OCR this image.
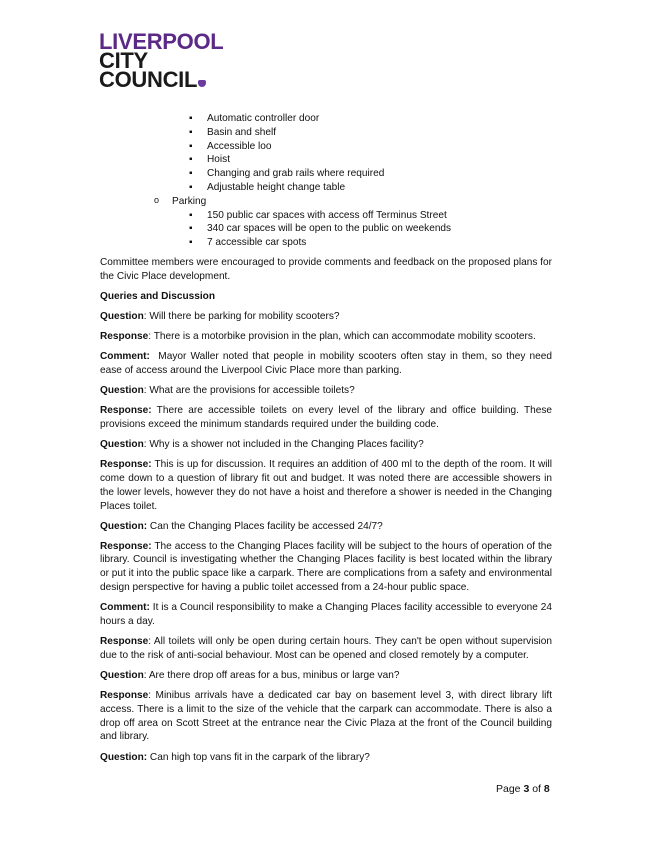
LIVERPOOL
CITY
COUNCIL
▪ Automatic controller door
▪ Basin and shelf
▪ Accessible loo
▪ Hoist
▪ Changing and grab rails where required
▪ Adjustable height change table
o Parking
▪ 150 public car spaces with access off Terminus Street
▪ 340 car spaces will be open to the public on weekends
▪ 7 accessible car spots

Committee members were encouraged to provide comments and feedback on the proposed plans for the Civic Place development.

Queries and Discussion

Question: Will there be parking for mobility scooters?

Response: There is a motorbike provision in the plan, which can accommodate mobility scooters.

Comment: Mayor Waller noted that people in mobility scooters often stay in them, so they need ease of access around the Liverpool Civic Place more than parking.

Question: What are the provisions for accessible toilets?

Response: There are accessible toilets on every level of the library and office building. These provisions exceed the minimum standards required under the building code.

Question: Why is a shower not included in the Changing Places facility?

Response: This is up for discussion. It requires an addition of 400 ml to the depth of the room. It will come down to a question of library fit out and budget. It was noted there are accessible showers in the lower levels, however they do not have a hoist and therefore a shower is needed in the Changing Places toilet.

Question: Can the Changing Places facility be accessed 24/7?

Response: The access to the Changing Places facility will be subject to the hours of operation of the library. Council is investigating whether the Changing Places facility is best located within the library or put it into the public space like a carpark. There are complications from a safety and environmental design perspective for having a public toilet accessed from a 24-hour public space.

Comment: It is a Council responsibility to make a Changing Places facility accessible to everyone 24 hours a day.

Response: All toilets will only be open during certain hours. They can't be open without supervision due to the risk of anti-social behaviour. Most can be opened and closed remotely by a computer.

Question: Are there drop off areas for a bus, minibus or large van?

Response: Minibus arrivals have a dedicated car bay on basement level 3, with direct library lift access. There is a limit to the size of the vehicle that the carpark can accommodate. There is also a drop off area on Scott Street at the entrance near the Civic Plaza at the front of the Council building and library.

Question: Can high top vans fit in the carpark of the library?

Page 3 of 8
